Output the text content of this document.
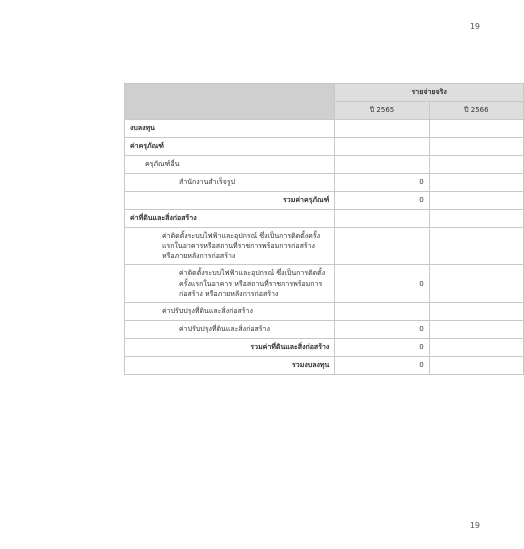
19
	รายจ่ายจริง	
	ปี 2565	ปี 2566
งบลงทุน		
ค่าครุภัณฑ์		
ครุภัณฑ์อื่น		
สำนักงานสำเร็จรูป	0	
รวมค่าครุภัณฑ์	0	
ค่าที่ดินและสิ่งก่อสร้าง		
ค่าติดตั้งระบบไฟฟ้าและอุปกรณ์ ซึ่งเป็นการติดตั้งครั้งแรกในอาคารหรือสถานที่ราชการพร้อมการก่อสร้าง หรือภายหลังการก่อสร้าง		
ค่าติดตั้งระบบไฟฟ้าและอุปกรณ์ ซึ่งเป็นการติดตั้งครั้งแรกในอาคาร หรือสถานที่ราชการพร้อมการก่อสร้าง หรือภายหลังการก่อสร้าง	0	
ค่าปรับปรุงที่ดินและสิ่งก่อสร้าง		
ค่าปรับปรุงที่ดินและสิ่งก่อสร้าง	0	
รวมค่าที่ดินและสิ่งก่อสร้าง	0	
รวมงบลงทุน	0	
19
